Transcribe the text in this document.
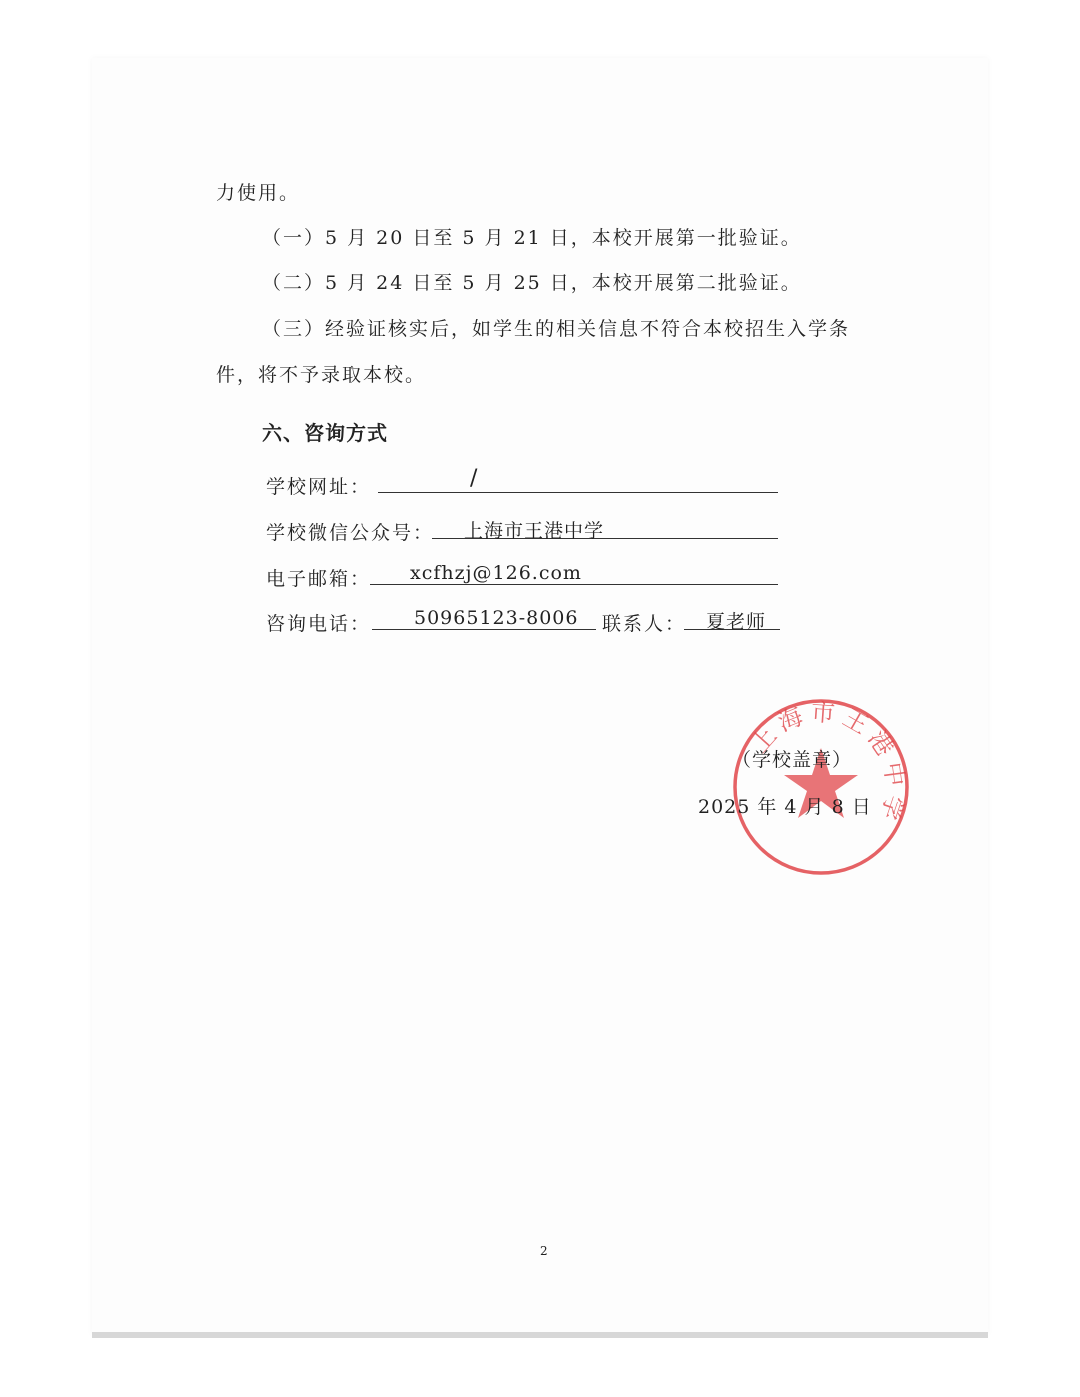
力使用。
（一）5 月 20 日至 5 月 21 日，本校开展第一批验证。
（二）5 月 24 日至 5 月 25 日，本校开展第二批验证。
（三）经验证核实后，如学生的相关信息不符合本校招生入学条
件，将不予录取本校。
六、咨询方式
学校网址：	/
学校微信公众号： 上海市王港中学
电子邮箱： xcfhzj@126.com
咨询电话： 50965123-8006 联系人： 夏老师
上海市王港中学
（学校盖章）
2025 年 4 月 8 日
2
